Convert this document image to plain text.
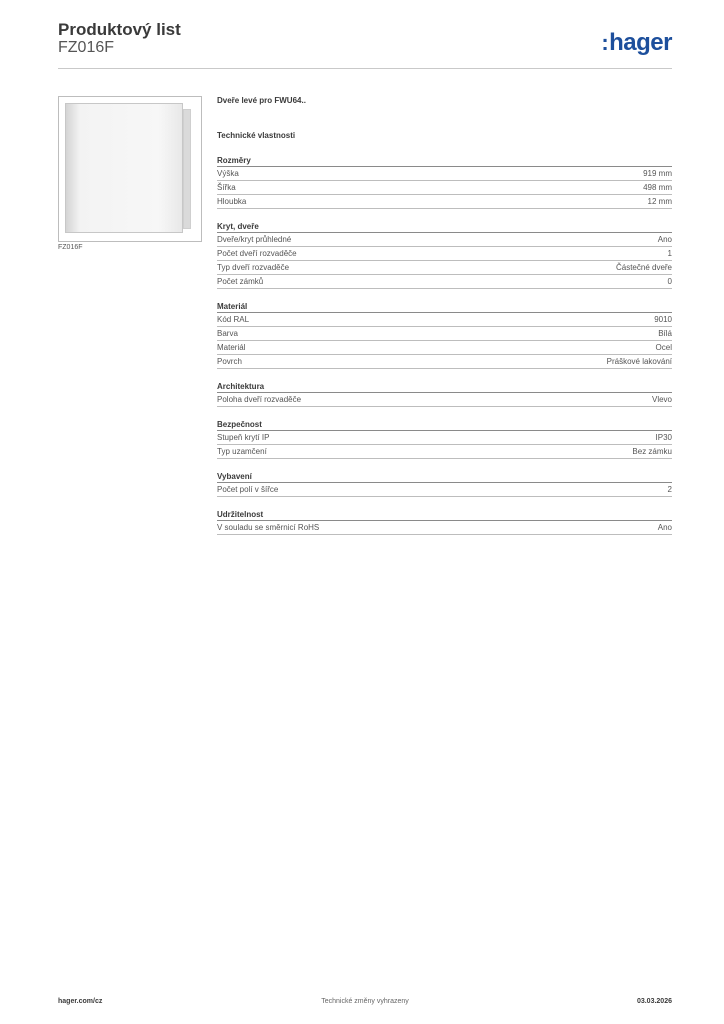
Produktový list
FZ016F	:hager
FZ016F
Dveře levé pro FWU64..
Technické vlastnosti
Rozměry
Výška	919 mm
Šířka	498 mm
Hloubka	12 mm
Kryt, dveře
Dveře/kryt průhledné	Ano
Počet dveří rozvaděče	1
Typ dveří rozvaděče	Částečné dveře
Počet zámků	0
Materiál
Kód RAL	9010
Barva	Bílá
Materiál	Ocel
Povrch	Práškové lakování
Architektura
Poloha dveří rozvaděče	Vlevo
Bezpečnost
Stupeň krytí IP	IP30
Typ uzamčení	Bez zámku
Vybavení
Počet polí v šířce	2
Udržitelnost
V souladu se směrnicí RoHS	Ano
hager.com/cz	Technické změny vyhrazeny	03.03.2026
